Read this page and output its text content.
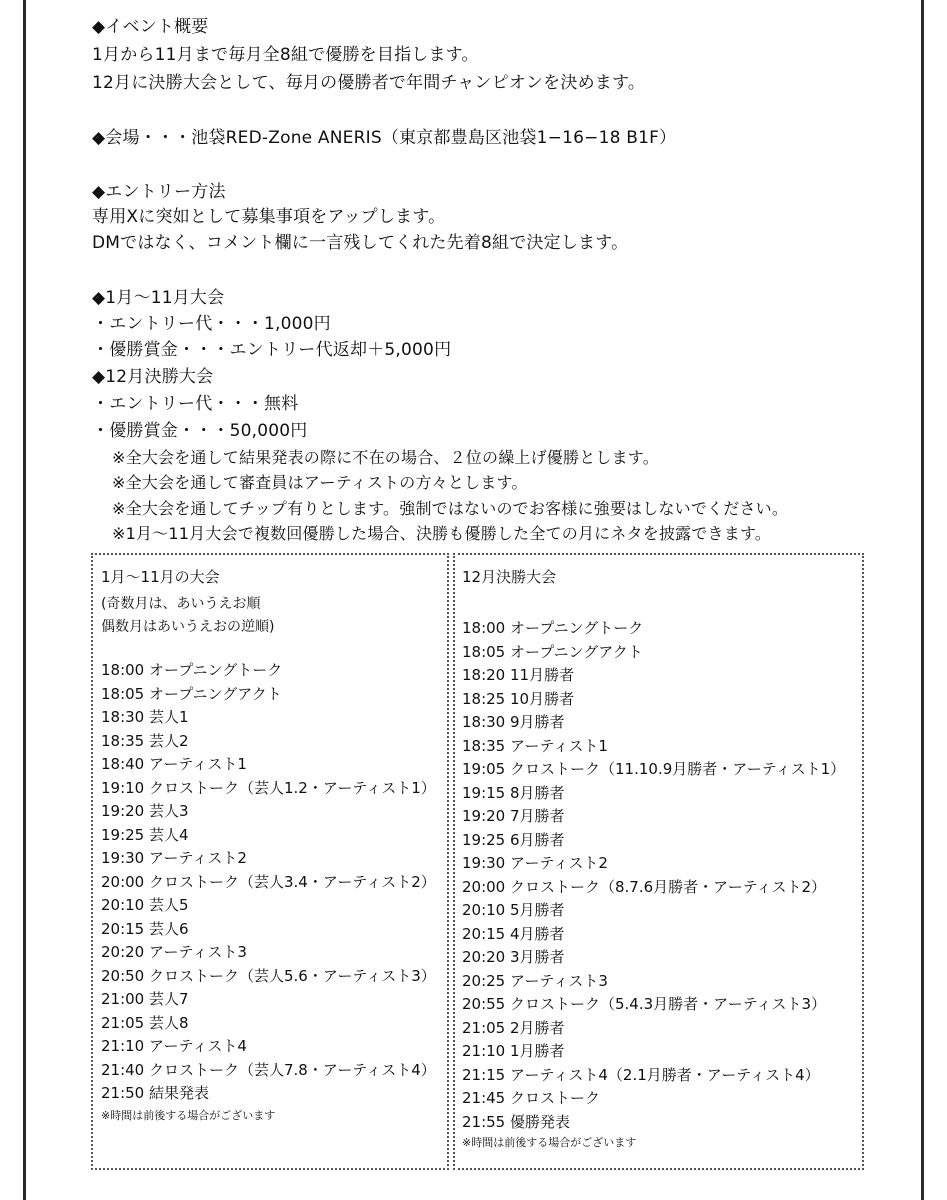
◆イベント概要
1月から11月まで毎月全8組で優勝を目指します。
12月に決勝大会として、毎月の優勝者で年間チャンピオンを決めます。
◆会場・・・池袋RED-Zone ANERIS（東京都豊島区池袋1−16−18 B1F）
◆エントリー方法
専用Xに突如として募集事項をアップします。
DMではなく、コメント欄に一言残してくれた先着8組で決定します。
◆1月〜11月大会
・エントリー代・・・1,000円
・優勝賞金・・・エントリー代返却＋5,000円
◆12月決勝大会
・エントリー代・・・無料
・優勝賞金・・・50,000円
※全大会を通して結果発表の際に不在の場合、２位の繰上げ優勝とします。
※全大会を通して審査員はアーティストの方々とします。
※全大会を通してチップ有りとします。強制ではないのでお客様に強要はしないでください。
※1月〜11月大会で複数回優勝した場合、決勝も優勝した全ての月にネタを披露できます。
1月〜11月の大会
(奇数月は、あいうえお順
偶数月はあいうえおの逆順)
18:00 オープニングトーク
18:05 オープニングアクト
18:30 芸人1
18:35 芸人2
18:40 アーティスト1
19:10 クロストーク（芸人1.2・アーティスト1）
19:20 芸人3
19:25 芸人4
19:30 アーティスト2
20:00 クロストーク（芸人3.4・アーティスト2）
20:10 芸人5
20:15 芸人6
20:20 アーティスト3
20:50 クロストーク（芸人5.6・アーティスト3）
21:00 芸人7
21:05 芸人8
21:10 アーティスト4
21:40 クロストーク（芸人7.8・アーティスト4）
21:50 結果発表
※時間は前後する場合がございます
12月決勝大会
18:00 オープニングトーク
18:05 オープニングアクト
18:20 11月勝者
18:25 10月勝者
18:30 9月勝者
18:35 アーティスト1
19:05 クロストーク（11.10.9月勝者・アーティスト1）
19:15 8月勝者
19:20 7月勝者
19:25 6月勝者
19:30 アーティスト2
20:00 クロストーク（8.7.6月勝者・アーティスト2）
20:10 5月勝者
20:15 4月勝者
20:20 3月勝者
20:25 アーティスト3
20:55 クロストーク（5.4.3月勝者・アーティスト3）
21:05 2月勝者
21:10 1月勝者
21:15 アーティスト4（2.1月勝者・アーティスト4）
21:45 クロストーク
21:55 優勝発表
※時間は前後する場合がございます
